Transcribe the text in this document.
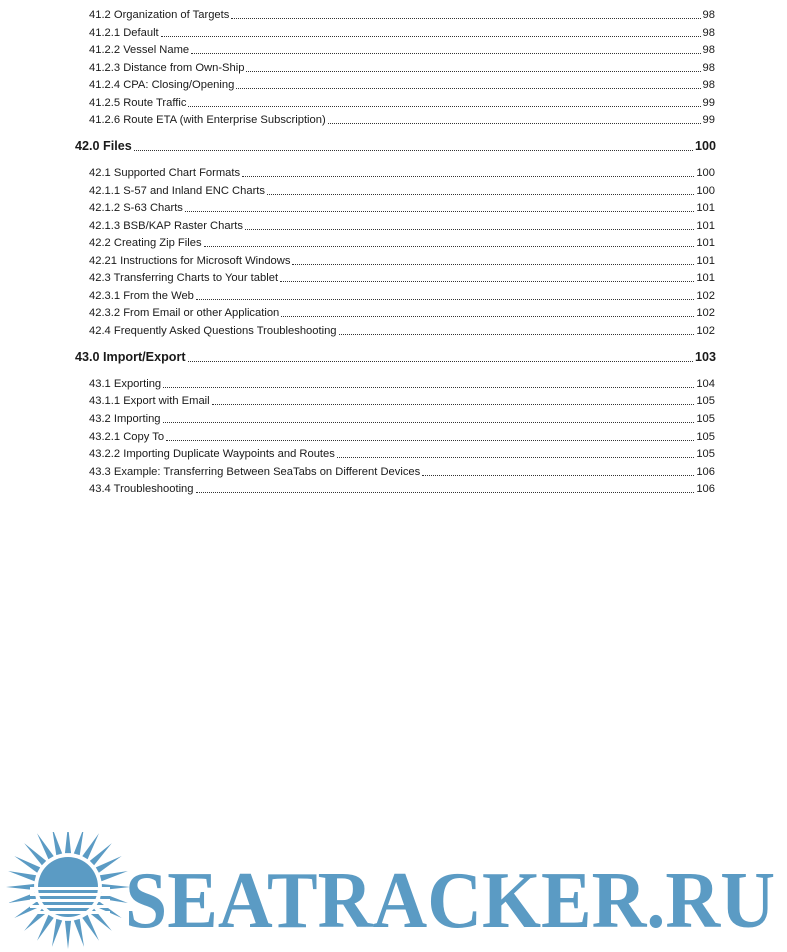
41.2 Organization of Targets	98
41.2.1 Default	98
41.2.2 Vessel Name	98
41.2.3 Distance from Own-Ship	98
41.2.4 CPA: Closing/Opening	98
41.2.5 Route Traffic	99
41.2.6 Route ETA (with Enterprise Subscription)	99
42.0 Files	100
42.1 Supported Chart Formats	100
42.1.1 S-57 and Inland ENC Charts	100
42.1.2 S-63 Charts	101
42.1.3 BSB/KAP Raster Charts	101
42.2 Creating Zip Files	101
42.21 Instructions for Microsoft Windows	101
42.3 Transferring Charts to Your tablet	101
42.3.1 From the Web	102
42.3.2 From Email or other Application	102
42.4 Frequently Asked Questions Troubleshooting	102
43.0 Import/Export	103
43.1 Exporting	104
43.1.1 Export with Email	105
43.2 Importing	105
43.2.1 Copy To	105
43.2.2 Importing Duplicate Waypoints and Routes	105
43.3 Example: Transferring Between SeaTabs on Different Devices	106
43.4 Troubleshooting	106
SEATRACKER.RU
